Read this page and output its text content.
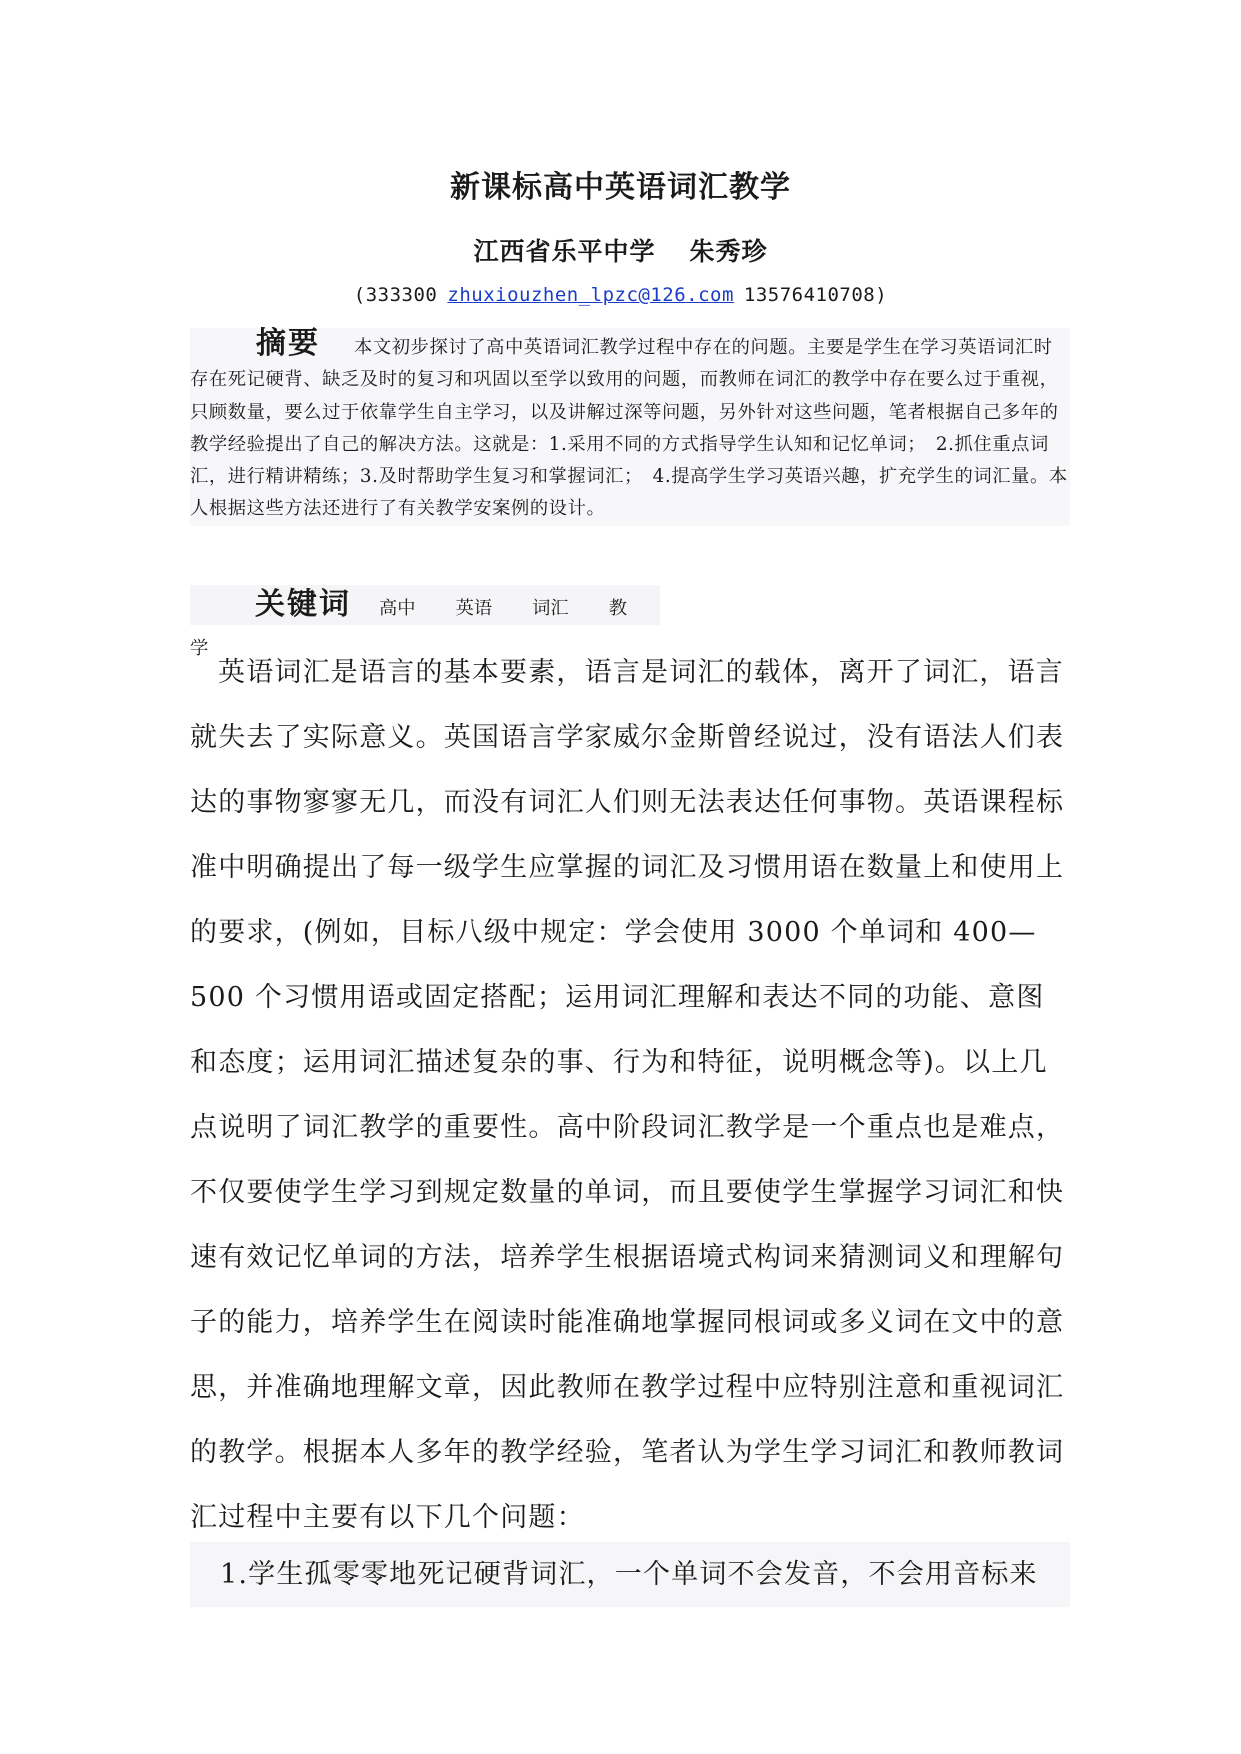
新课标高中英语词汇教学
江西省乐平中学 朱秀珍
(333300 zhuxiouzhen_lpzc@126.com 13576410708)
摘要 本文初步探讨了高中英语词汇教学过程中存在的问题。主要是学生在学习英语词汇时存在死记硬背、缺乏及时的复习和巩固以至学以致用的问题，而教师在词汇的教学中存在要么过于重视，只顾数量，要么过于依靠学生自主学习，以及讲解过深等问题，另外针对这些问题，笔者根据自己多年的教学经验提出了自己的解决方法。这就是：1.采用不同的方式指导学生认知和记忆单词；　2.抓住重点词汇，进行精讲精练；3.及时帮助学生复习和掌握词汇；　4.提高学生学习英语兴趣，扩充学生的词汇量。本人根据这些方法还进行了有关教学安案例的设计。
关键词 高中 英语 词汇 教学

英语词汇是语言的基本要素，语言是词汇的载体，离开了词汇，语言就失去了实际意义。英国语言学家威尔金斯曾经说过，没有语法人们表达的事物寥寥无几，而没有词汇人们则无法表达任何事物。英语课程标准中明确提出了每一级学生应掌握的词汇及习惯用语在数量上和使用上的要求，(例如，目标八级中规定：学会使用 3000 个单词和 400—500 个习惯用语或固定搭配；运用词汇理解和表达不同的功能、意图和态度；运用词汇描述复杂的事、行为和特征，说明概念等)。以上几点说明了词汇教学的重要性。高中阶段词汇教学是一个重点也是难点，不仅要使学生学习到规定数量的单词，而且要使学生掌握学习词汇和快速有效记忆单词的方法，培养学生根据语境式构词来猜测词义和理解句子的能力，培养学生在阅读时能准确地掌握同根词或多义词在文中的意思，并准确地理解文章，因此教师在教学过程中应特别注意和重视词汇的教学。根据本人多年的教学经验，笔者认为学生学习词汇和教师教词汇过程中主要有以下几个问题：

1.学生孤零零地死记硬背词汇，一个单词不会发音，不会用音标来
